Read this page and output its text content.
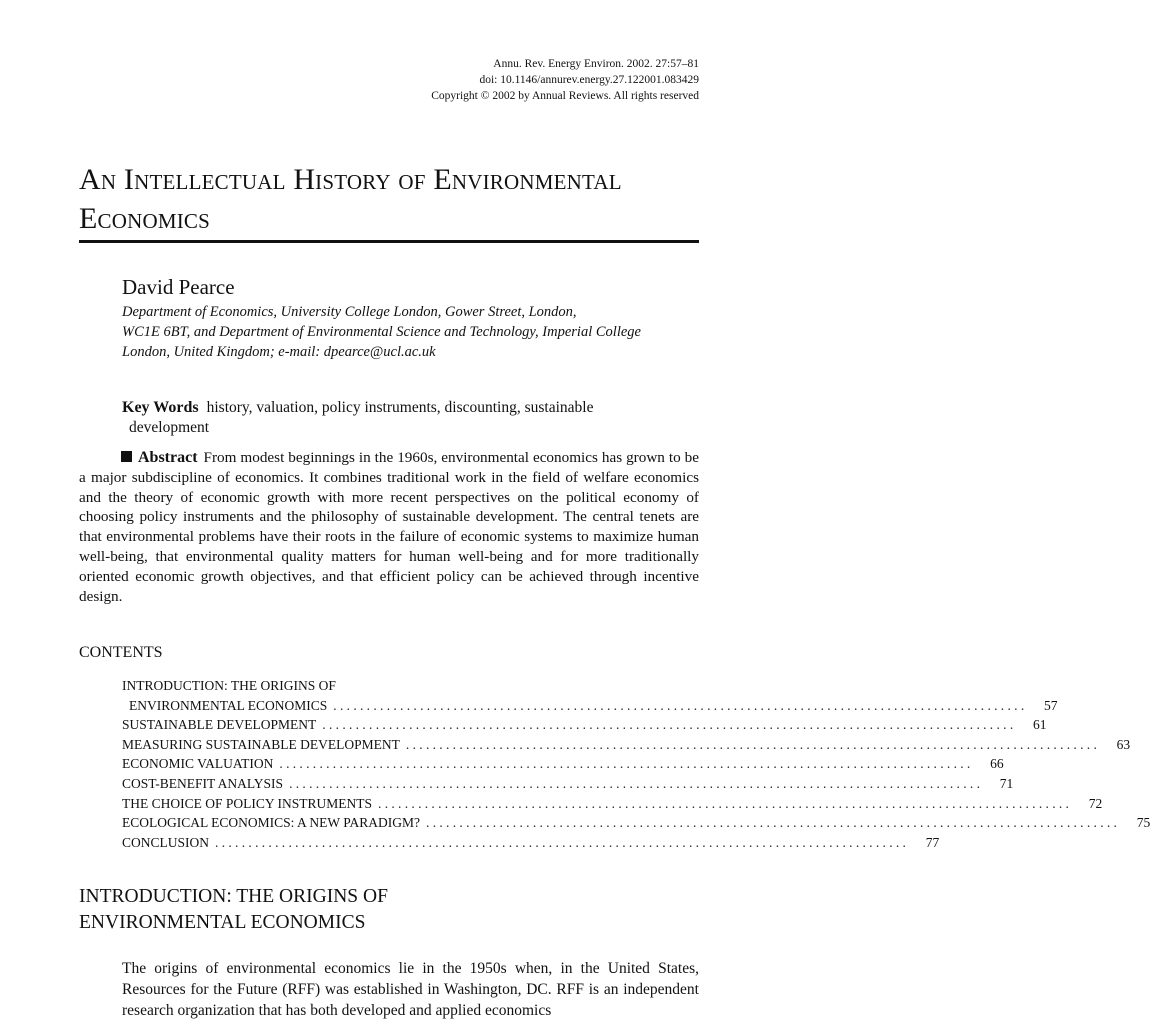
Annu. Rev. Energy Environ. 2002. 27:57–81
doi: 10.1146/annurev.energy.27.122001.083429
Copyright © 2002 by Annual Reviews. All rights reserved
An Intellectual History of Environmental
Economics
David Pearce
Department of Economics, University College London, Gower Street, London,
WC1E 6BT, and Department of Environmental Science and Technology, Imperial College
London, United Kingdom; e-mail: dpearce@ucl.ac.uk
Key Words history, valuation, policy instruments, discounting, sustainable
development
Abstract From modest beginnings in the 1960s, environmental economics has grown to be a major subdiscipline of economics. It combines traditional work in the field of welfare economics and the theory of economic growth with more recent perspectives on the political economy of choosing policy instruments and the philosophy of sustainable development. The central tenets are that environmental problems have their roots in the failure of economic systems to maximize human well-being, that environmental quality matters for human well-being and for more traditionally oriented economic growth objectives, and that efficient policy can be achieved through incentive design.
CONTENTS
INTRODUCTION: THE ORIGINS OF
ENVIRONMENTAL ECONOMICS ........................................................................................................	57
SUSTAINABLE DEVELOPMENT ........................................................................................................	61
MEASURING SUSTAINABLE DEVELOPMENT ........................................................................................................	63
ECONOMIC VALUATION ........................................................................................................	66
COST-BENEFIT ANALYSIS ........................................................................................................	71
THE CHOICE OF POLICY INSTRUMENTS ........................................................................................................	72
ECOLOGICAL ECONOMICS: A NEW PARADIGM? ........................................................................................................	75
CONCLUSION ........................................................................................................	77
INTRODUCTION: THE ORIGINS OF
ENVIRONMENTAL ECONOMICS
The origins of environmental economics lie in the 1950s when, in the United States, Resources for the Future (RFF) was established in Washington, DC. RFF is an independent research organization that has both developed and applied economics
